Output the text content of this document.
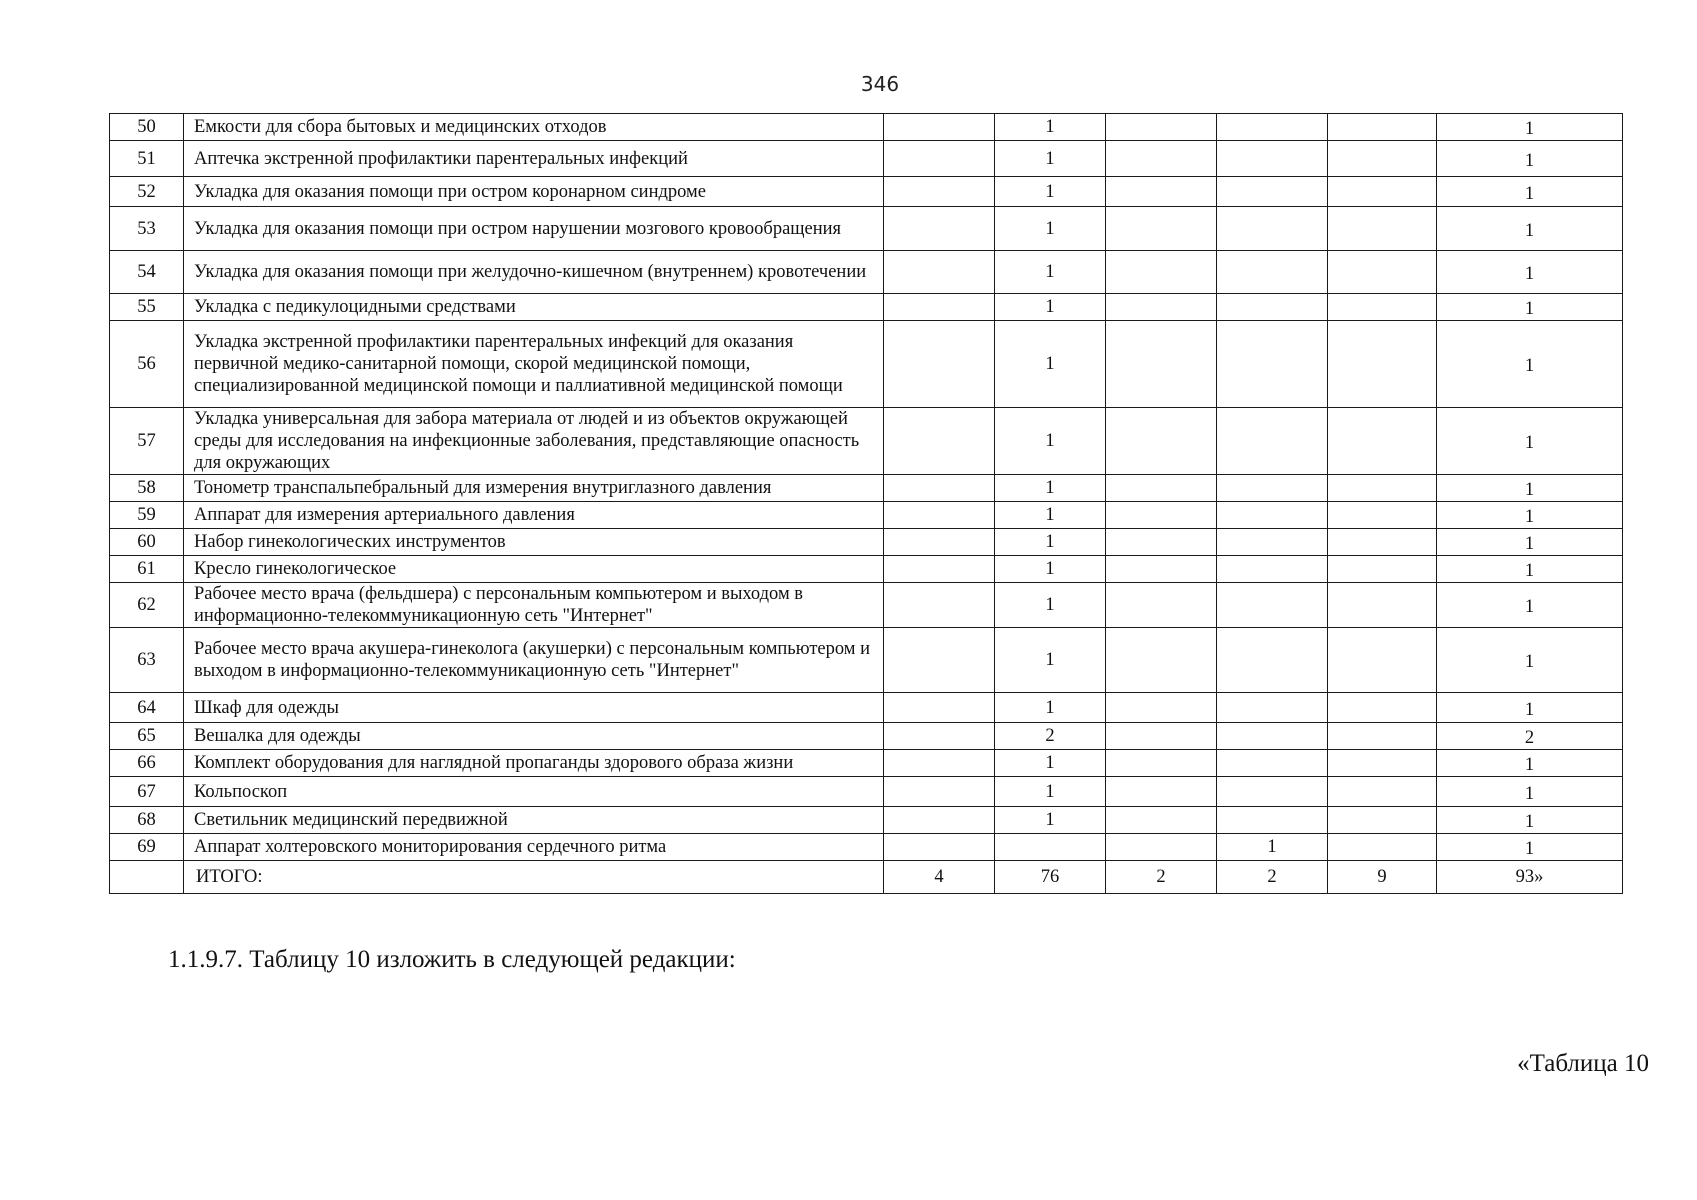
346
50	Емкости для сбора бытовых и медицинских отходов		1				1
51	Аптечка экстренной профилактики парентеральных инфекций		1				1
52	Укладка для оказания помощи при остром коронарном синдроме		1				1
53	Укладка для оказания помощи при остром нарушении мозгового кровообращения		1				1
54	Укладка для оказания помощи при желудочно-кишечном (внутреннем) кровотечении		1				1
55	Укладка с педикулоцидными средствами		1				1
56	Укладка экстренной профилактики парентеральных инфекций для оказания первичной медико-санитарной помощи, скорой медицинской помощи, специализированной медицинской помощи и паллиативной медицинской помощи		1				1
57	Укладка универсальная для забора материала от людей и из объектов окружающей среды для исследования на инфекционные заболевания, представляющие опасность для окружающих		1				1
58	Тонометр транспальпебральный для измерения внутриглазного давления		1				1
59	Аппарат для измерения артериального давления		1				1
60	Набор гинекологических инструментов		1				1
61	Кресло гинекологическое		1				1
62	Рабочее место врача (фельдшера) с персональным компьютером и выходом в информационно-телекоммуникационную сеть "Интернет"		1				1
63	Рабочее место врача акушера-гинеколога (акушерки) с персональным компьютером и выходом в информационно-телекоммуникационную сеть "Интернет"		1				1
64	Шкаф для одежды		1				1
65	Вешалка для одежды		2				2
66	Комплект оборудования для наглядной пропаганды здорового образа жизни		1				1
67	Кольпоскоп		1				1
68	Светильник медицинский передвижной		1				1
69	Аппарат холтеровского мониторирования сердечного ритма				1		1
	ИТОГО:	4	76	2	2	9	93»
1.1.9.7. Таблицу 10 изложить в следующей редакции:
«Таблица 10
